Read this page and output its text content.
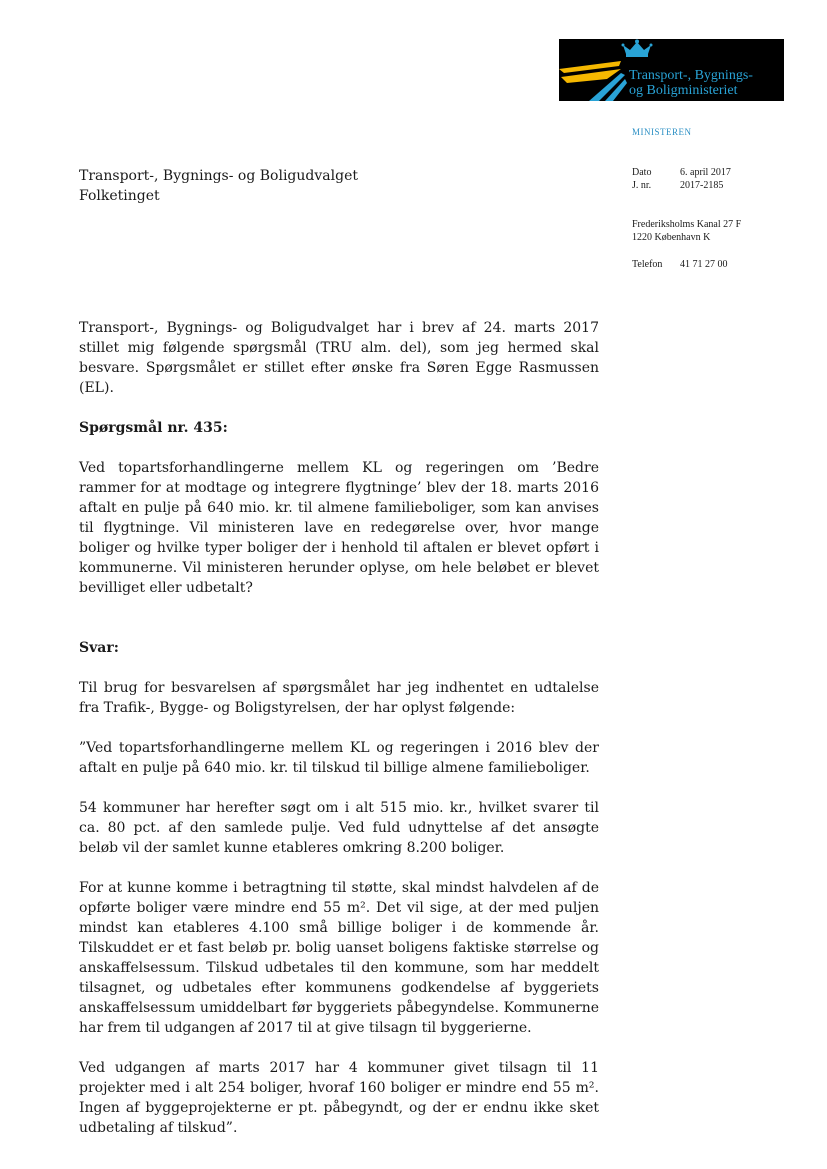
Transport-, Bygnings-
og Boligministeriet
MINISTEREN
Dato	6. april 2017
J. nr.	2017-2185
Frederiksholms Kanal 27 F
1220 København K
Telefon 41 71 27 00
Transport-, Bygnings- og Boligudvalget
Folketinget

Transport-, Bygnings- og Boligudvalget har i brev af 24. marts 2017 stillet mig følgende spørgsmål (TRU alm. del), som jeg hermed skal besvare. Spørgsmålet er stillet efter ønske fra Søren Egge Rasmussen (EL).

Spørgsmål nr. 435:

Ved topartsforhandlingerne mellem KL og regeringen om ’Bedre rammer for at modtage og integrere flygtninge’ blev der 18. marts 2016 aftalt en pulje på 640 mio. kr. til almene familieboliger, som kan anvises til flygtninge. Vil ministeren lave en redegørelse over, hvor mange boliger og hvilke typer boliger der i henhold til aftalen er blevet opført i kommunerne. Vil ministeren herunder oplyse, om hele beløbet er blevet bevilliget eller udbetalt?

Svar:

Til brug for besvarelsen af spørgsmålet har jeg indhentet en udtalelse fra Trafik-, Bygge- og Boligstyrelsen, der har oplyst følgende:

”Ved topartsforhandlingerne mellem KL og regeringen i 2016 blev der aftalt en pulje på 640 mio. kr. til tilskud til billige almene familieboliger.

54 kommuner har herefter søgt om i alt 515 mio. kr., hvilket svarer til ca. 80 pct. af den samlede pulje. Ved fuld udnyttelse af det ansøgte beløb vil der samlet kunne etableres omkring 8.200 boliger.

For at kunne komme i betragtning til støtte, skal mindst halvdelen af de opførte boliger være mindre end 55 m². Det vil sige, at der med puljen mindst kan etableres 4.100 små billige boliger i de kommende år. Tilskuddet er et fast beløb pr. bolig uanset boligens faktiske størrelse og anskaffelsessum. Tilskud udbetales til den kommune, som har meddelt tilsagnet, og udbetales efter kommunens godkendelse af byggeriets anskaffelsessum umiddelbart før byggeriets påbegyndelse. Kommunerne har frem til udgangen af 2017 til at give tilsagn til byggerierne.

Ved udgangen af marts 2017 har 4 kommuner givet tilsagn til 11 projekter med i alt 254 boliger, hvoraf 160 boliger er mindre end 55 m². Ingen af byggeprojekterne er pt. påbegyndt, og der er endnu ikke sket udbetaling af tilskud”.
